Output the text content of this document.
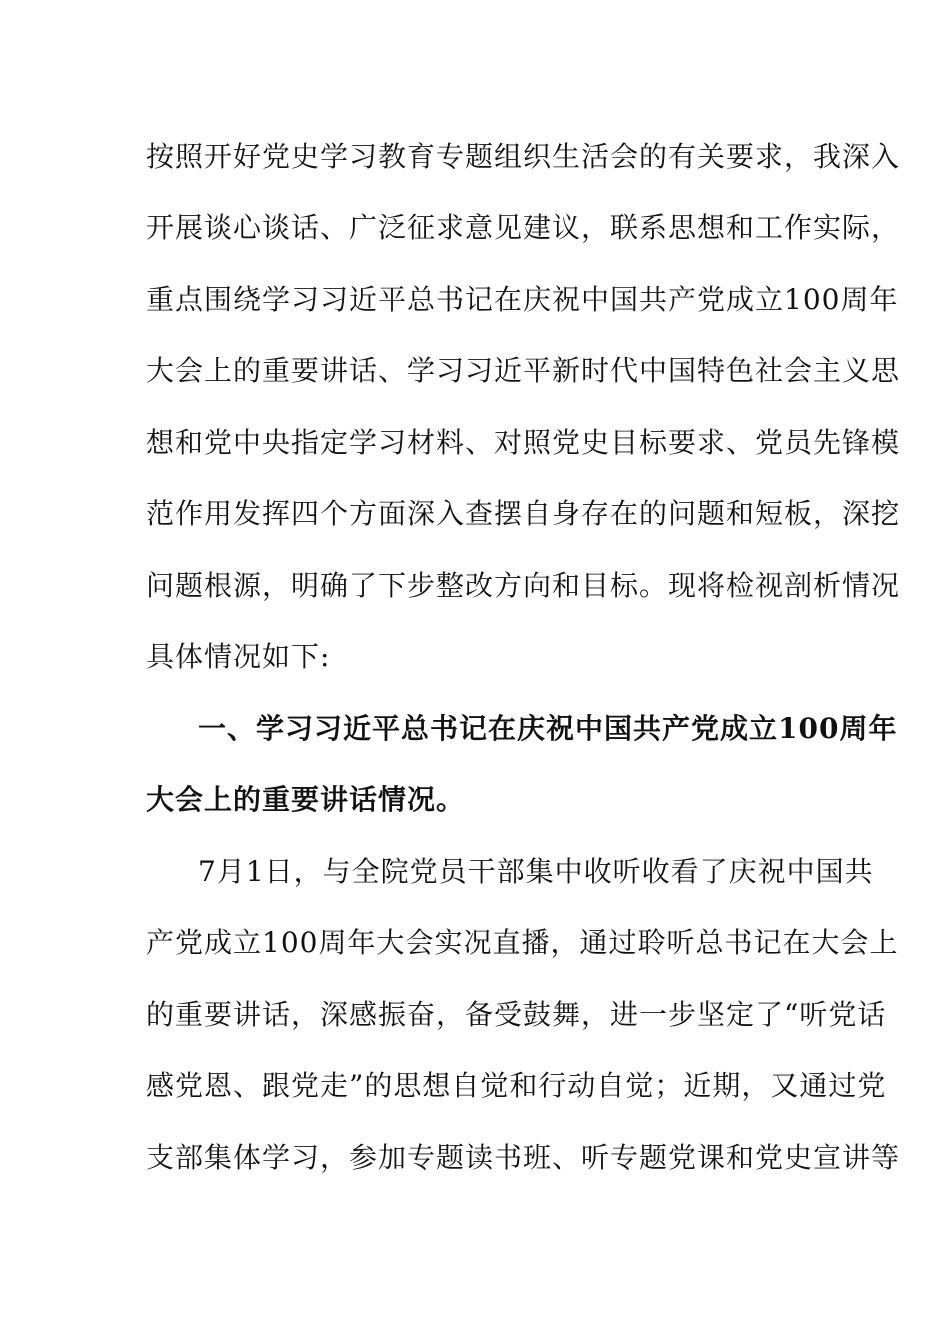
按照开好党史学习教育专题组织生活会的有关要求，我深入
开展谈心谈话、广泛征求意见建议，联系思想和工作实际，
重点围绕学习习近平总书记在庆祝中国共产党成立100周年
大会上的重要讲话、学习习近平新时代中国特色社会主义思
想和党中央指定学习材料、对照党史目标要求、党员先锋模
范作用发挥四个方面深入查摆自身存在的问题和短板，深挖
问题根源，明确了下步整改方向和目标。现将检视剖析情况
具体情况如下:
一、学习习近平总书记在庆祝中国共产党成立100周年
大会上的重要讲话情况。
7月1日，与全院党员干部集中收听收看了庆祝中国共
产党成立100周年大会实况直播，通过聆听总书记在大会上
的重要讲话，深感振奋，备受鼓舞，进一步坚定了“听党话
感党恩、跟党走”的思想自觉和行动自觉；近期，又通过党
支部集体学习，参加专题读书班、听专题党课和党史宣讲等
